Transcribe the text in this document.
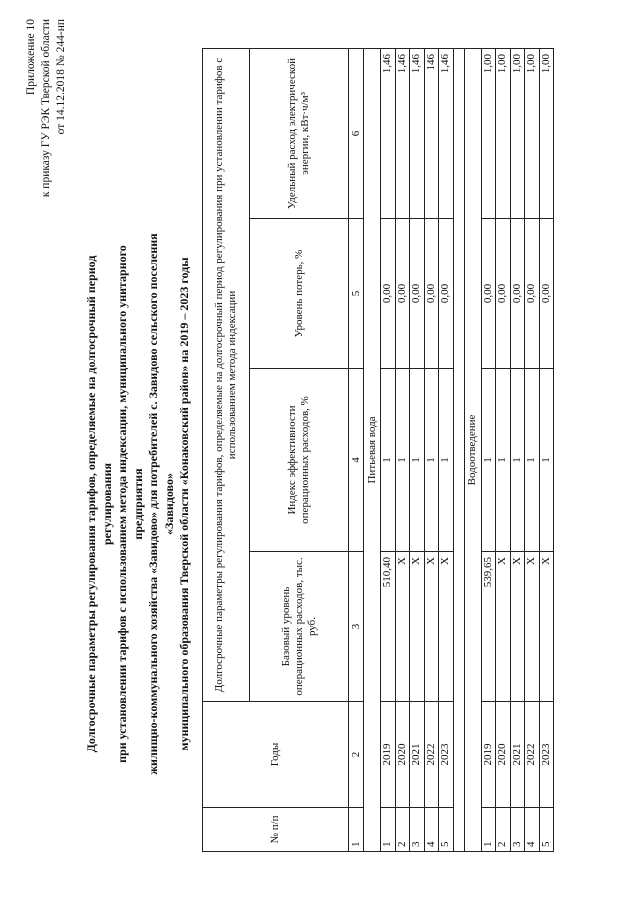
Приложение 10 к приказу ГУ РЭК Тверской области от 14.12.2018 № 244-нп
Долгосрочные параметры регулирования тарифов, определяемые на долгосрочный период регулирования при установлении тарифов с использованием метода индексации, муниципального унитарного предприятия жилищно-коммунального хозяйства «Завидово» для потребителей с. Завидово сельского поселения «Завидово» муниципального образования Тверской области «Конаковский район» на 2019 – 2023 годы
№ п/п	Годы	Долгосрочные параметры регулирования тарифов, определяемые на долгосрочный период регулирования при установлении тарифов с использованием метода индексации			
		Базовый уровень операционных расходов, тыс. руб.	Индекс эффективности операционных расходов, %	Уровень потерь, %	Удельный расход электрической энергии, кВт·ч/м³
1	2	3	4	5	6
Питьевая вода					
1	2019	510,40	1	0,00	1,46
2	2020	X	1	0,00	1,46
3	2021	X	1	0,00	1,46
4	2022	X	1	0,00	146
5	2023	X	1	0,00	1,46

Водоотведение					
1	2019	539,65	1	0,00	1,00
2	2020	X	1	0,00	1,00
3	2021	X	1	0,00	1,00
4	2022	X	1	0,00	1,00
5	2023	X	1	0,00	1,00
